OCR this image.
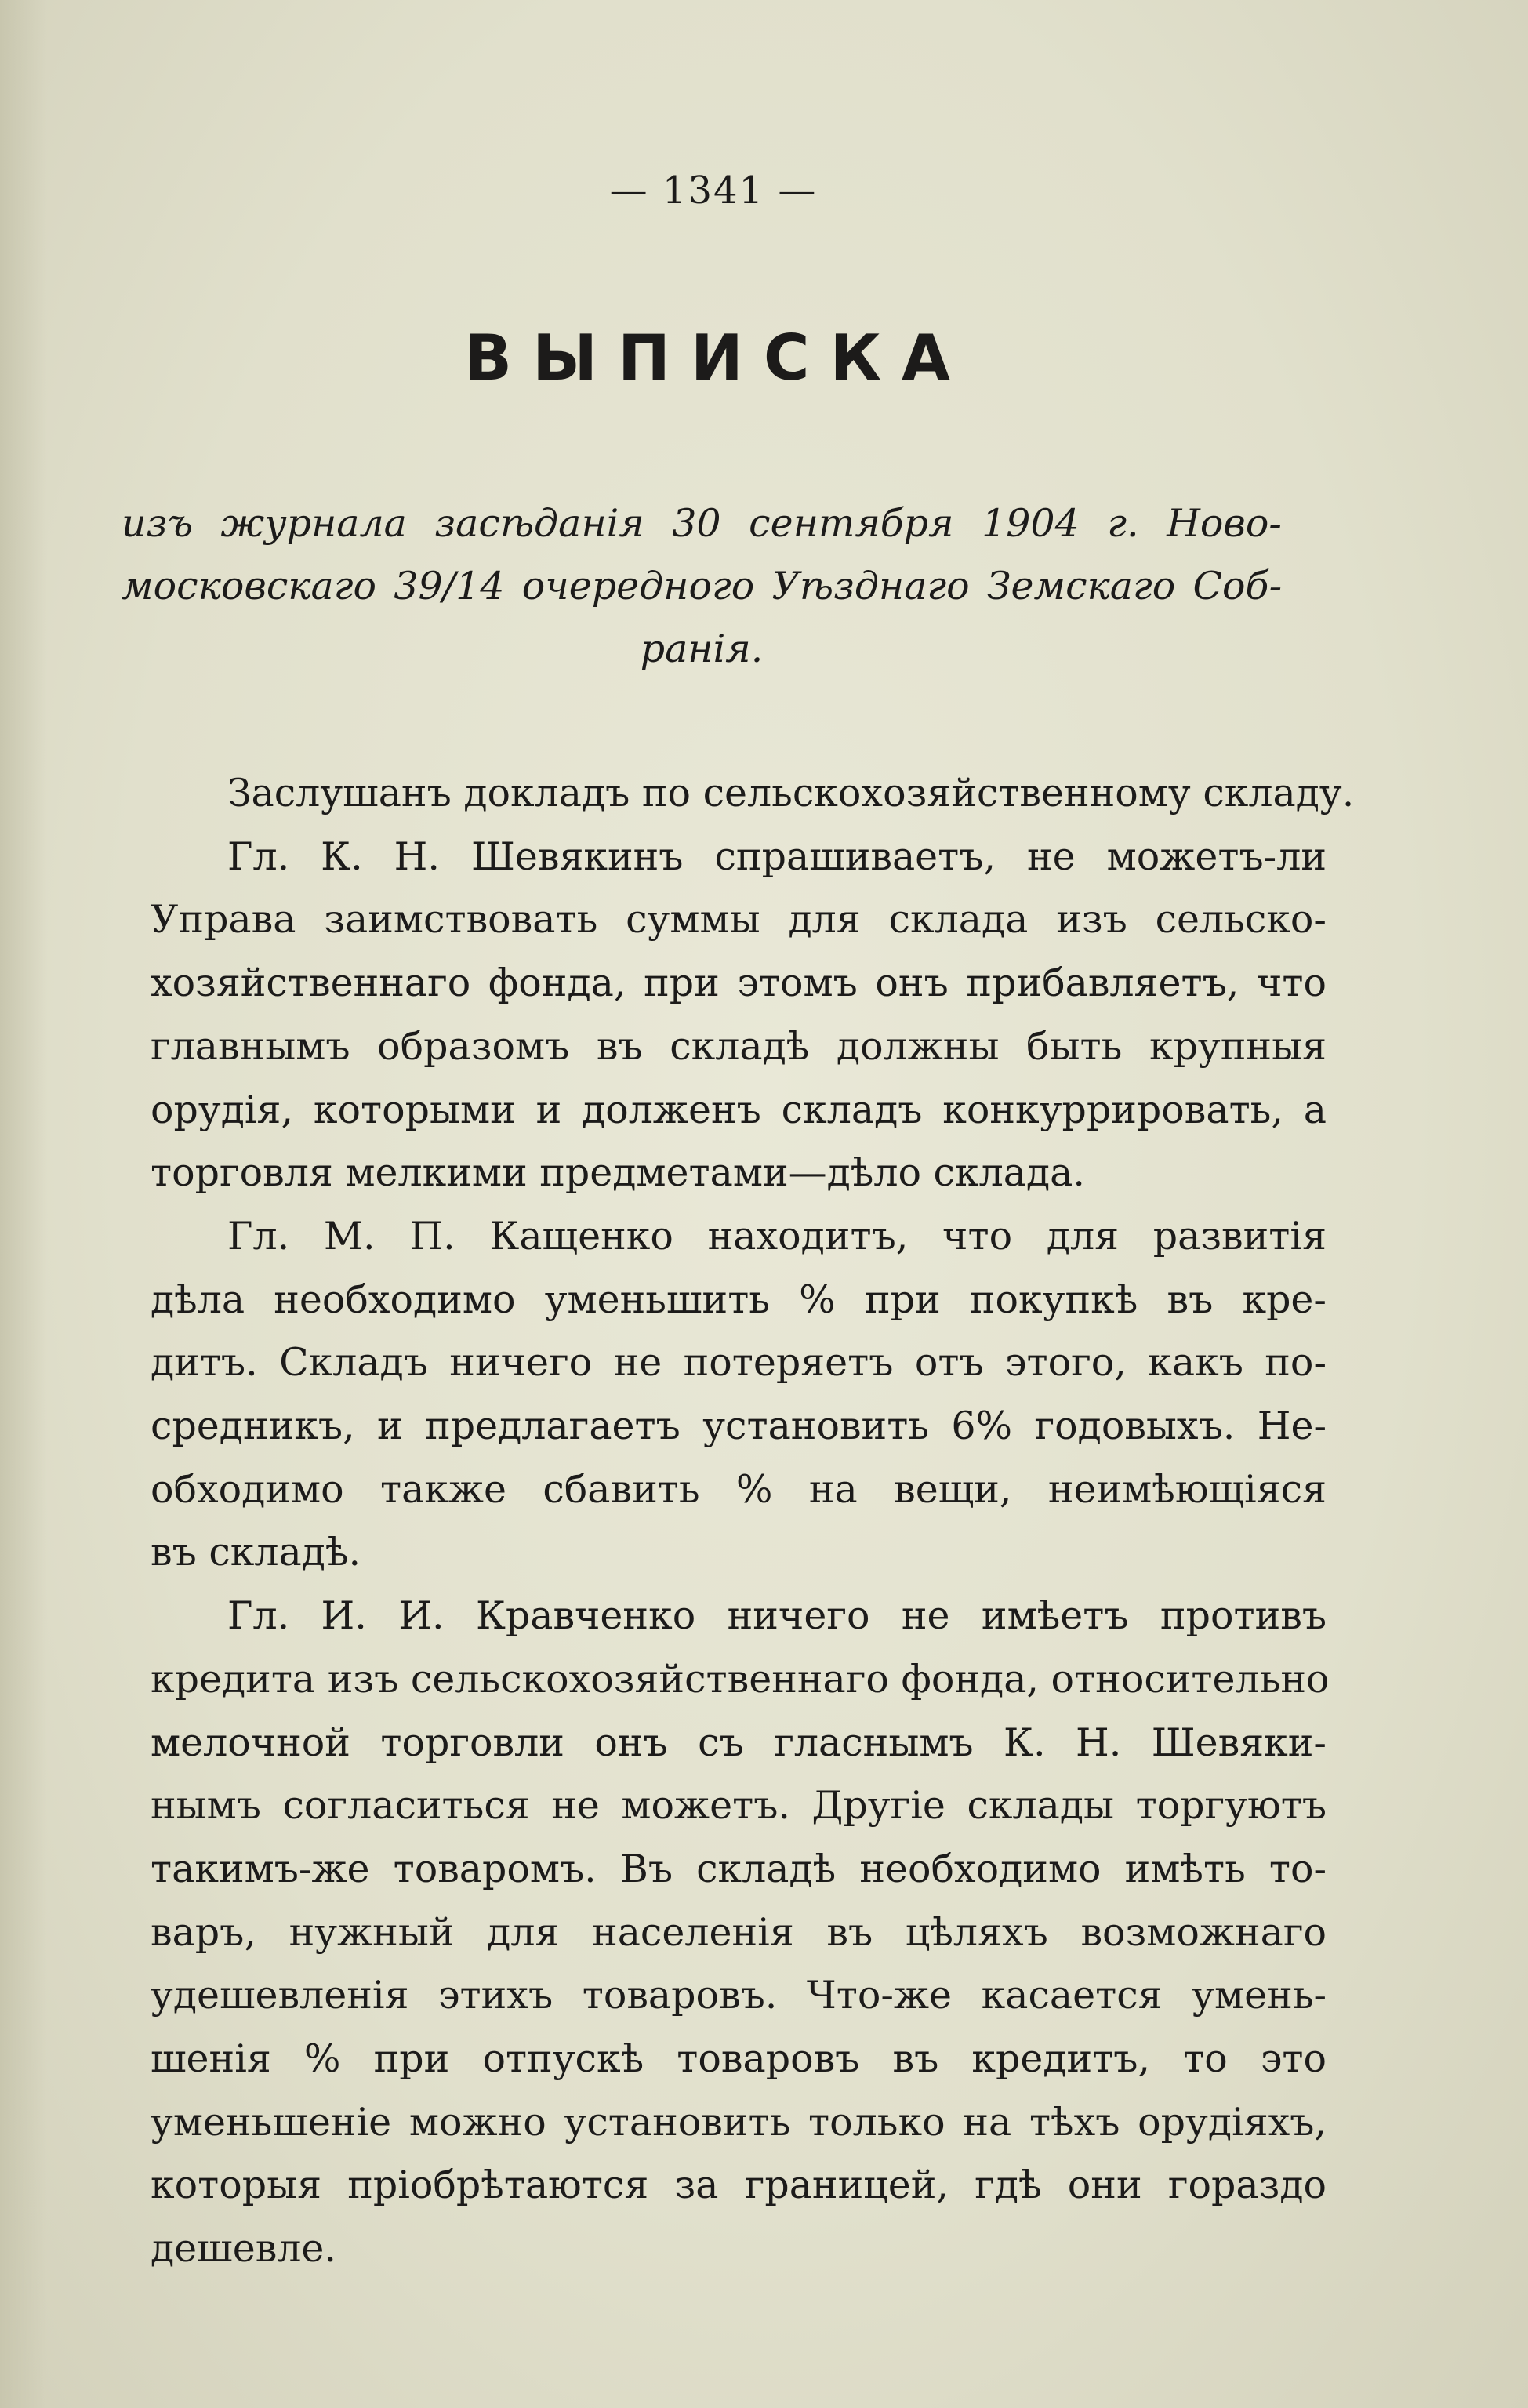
— 1341 —
ВЫПИСКА
изъ журнала засѣданія 30 сентября 1904 г. Ново-
московскаго 39/14 очередного Уѣзднаго Земскаго Соб-
ранія.
Заслушанъ докладъ по сельскохозяйственному складу.
Гл. К. Н. Шевякинъ спрашиваетъ, не можетъ-ли
Управа заимствовать суммы для склада изъ сельско-
хозяйственнаго фонда, при этомъ онъ прибавляетъ, что
главнымъ образомъ въ складѣ должны быть крупныя
орудія, которыми и долженъ складъ конкуррировать, а
торговля мелкими предметами—дѣло склада.
Гл. М. П. Кащенко находитъ, что для развитія
дѣла необходимо уменьшить % при покупкѣ въ кре-
дитъ. Складъ ничего не потеряетъ отъ этого, какъ по-
средникъ, и предлагаетъ установить 6% годовыхъ. Не-
обходимо также сбавить % на вещи, неимѣющіяся
въ складѣ.
Гл. И. И. Кравченко ничего не имѣетъ противъ
кредита изъ сельскохозяйственнаго фонда, относительно
мелочной торговли онъ съ гласнымъ К. Н. Шевяки-
нымъ согласиться не можетъ. Другіе склады торгуютъ
такимъ-же товаромъ. Въ складѣ необходимо имѣть то-
варъ, нужный для населенія въ цѣляхъ возможнаго
удешевленія этихъ товаровъ. Что-же касается умень-
шенія % при отпускѣ товаровъ въ кредитъ, то это
уменьшеніе можно установить только на тѣхъ орудіяхъ,
которыя пріобрѣтаются за границей, гдѣ они гораздо
дешевле.
